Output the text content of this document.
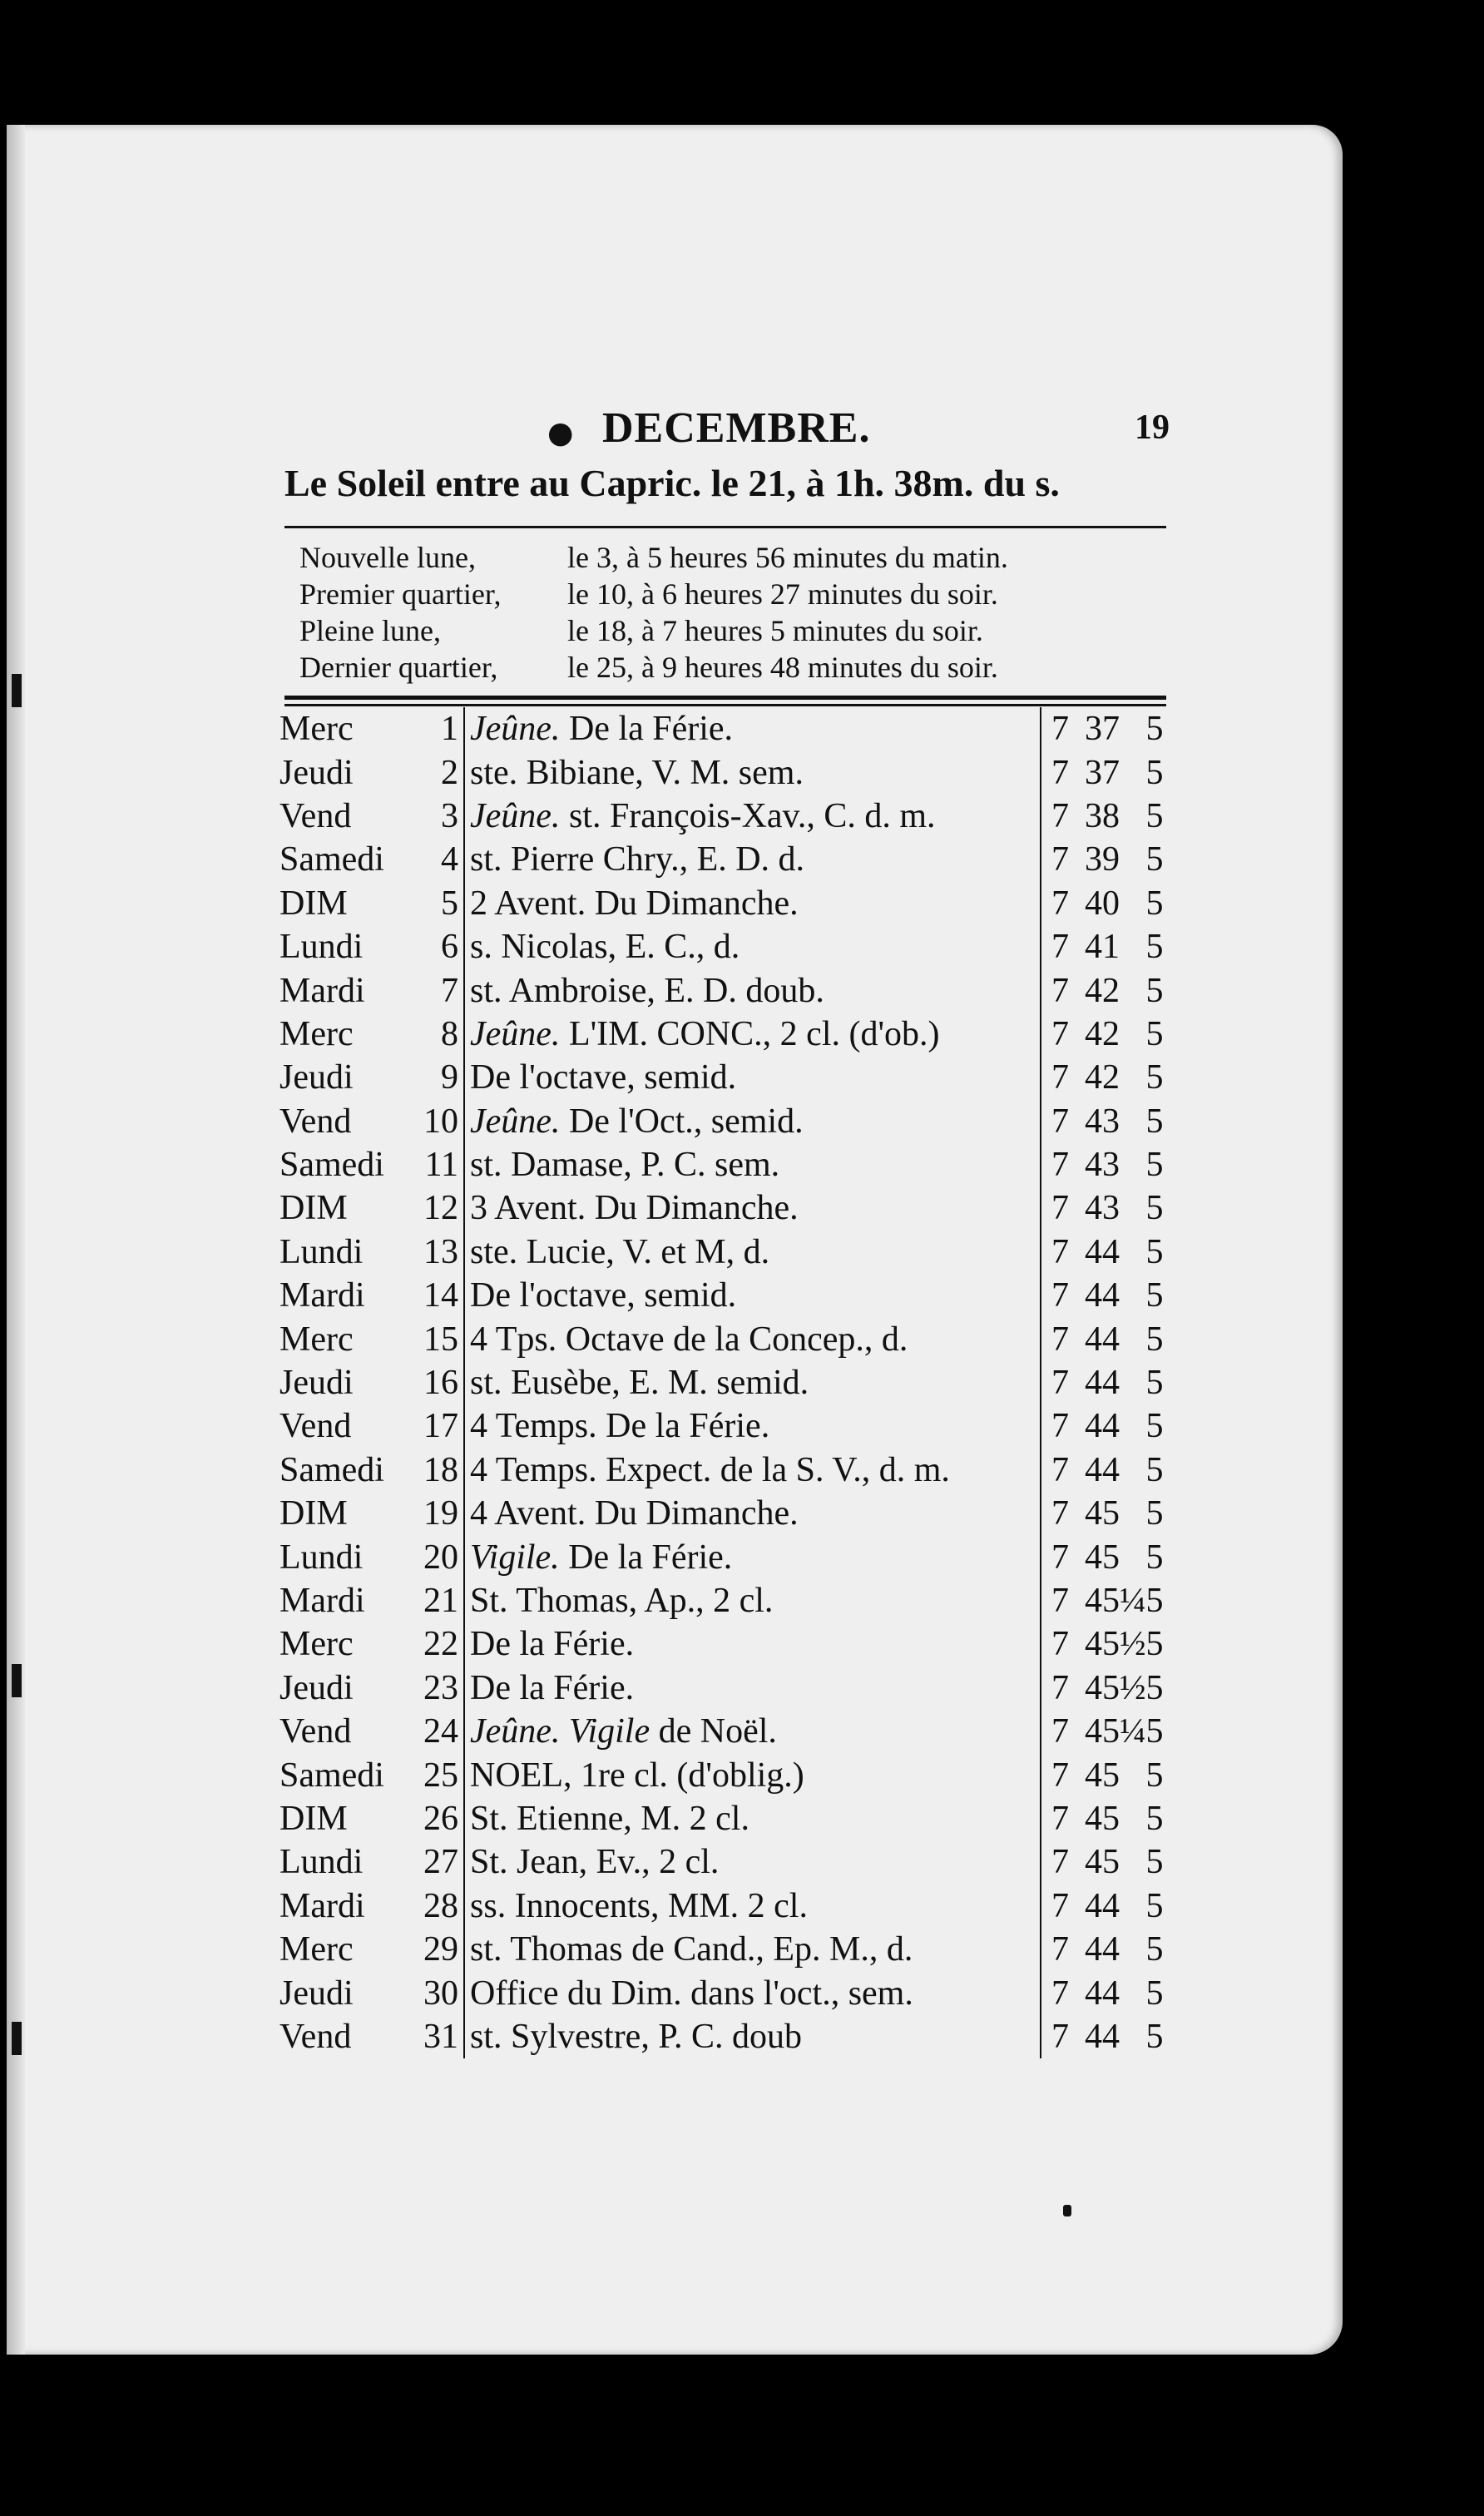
● DECEMBRE.	19
Le Soleil entre au Capric. le 21, à 1h. 38m. du s.
Nouvelle lune,	le 3, à 5 heures 56 minutes du matin.
Premier quartier,	le 10, à 6 heures 27 minutes du soir.
Pleine lune,	le 18, à 7 heures 5 minutes du soir.
Dernier quartier,	le 25, à 9 heures 48 minutes du soir.
Merc	1	Jeûne. De la Férie.	7	37	5
Jeudi	2	ste. Bibiane, V. M. sem.	7	37	5
Vend	3	Jeûne. st. François-Xav., C. d. m.	7	38	5
Samedi	4	st. Pierre Chry., E. D. d.	7	39	5
DIM	5	2 Avent. Du Dimanche.	7	40	5
Lundi	6	s. Nicolas, E. C., d.	7	41	5
Mardi	7	st. Ambroise, E. D. doub.	7	42	5
Merc	8	Jeûne. L'IM. CONC., 2 cl. (d'ob.)	7	42	5
Jeudi	9	De l'octave, semid.	7	42	5
Vend	10	Jeûne. De l'Oct., semid.	7	43	5
Samedi	11	st. Damase, P. C. sem.	7	43	5
DIM	12	3 Avent. Du Dimanche.	7	43	5
Lundi	13	ste. Lucie, V. et M, d.	7	44	5
Mardi	14	De l'octave, semid.	7	44	5
Merc	15	4 Tps. Octave de la Concep., d.	7	44	5
Jeudi	16	st. Eusèbe, E. M. semid.	7	44	5
Vend	17	4 Temps. De la Férie.	7	44	5
Samedi	18	4 Temps. Expect. de la S. V., d. m.	7	44	5
DIM	19	4 Avent. Du Dimanche.	7	45	5
Lundi	20	Vigile. De la Férie.	7	45	5
Mardi	21	St. Thomas, Ap., 2 cl.	7	45¼	5
Merc	22	De la Férie.	7	45½	5
Jeudi	23	De la Férie.	7	45½	5
Vend	24	Jeûne. Vigile de Noël.	7	45¼	5
Samedi	25	NOEL, 1re cl. (d'oblig.)	7	45	5
DIM	26	St. Etienne, M. 2 cl.	7	45	5
Lundi	27	St. Jean, Ev., 2 cl.	7	45	5
Mardi	28	ss. Innocents, MM. 2 cl.	7	44	5
Merc	29	st. Thomas de Cand., Ep. M., d.	7	44	5
Jeudi	30	Office du Dim. dans l'oct., sem.	7	44	5
Vend	31	st. Sylvestre, P. C. doub	7	44	5
